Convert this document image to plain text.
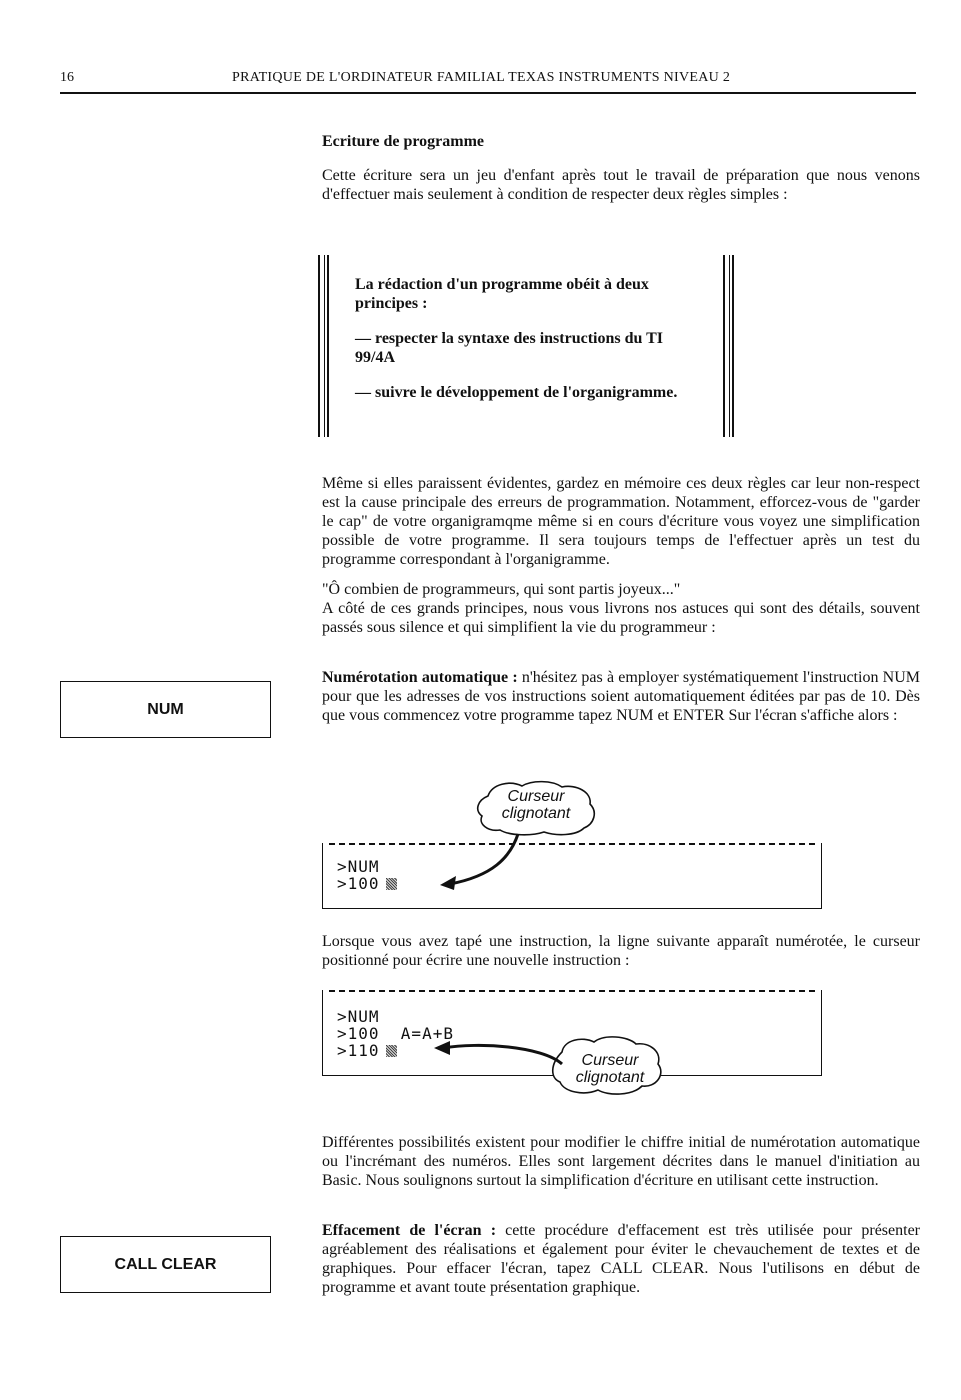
16	PRATIQUE DE L'ORDINATEUR FAMILIAL TEXAS INSTRUMENTS NIVEAU 2
Ecriture de programme

Cette écriture sera un jeu d'enfant après tout le travail de préparation que nous venons d'effectuer mais seulement à condition de respecter deux règles simples :

La rédaction d'un programme obéit à deux principes :

— respecter la syntaxe des instructions du TI 99/4A

— suivre le développement de l'organigramme.

Même si elles paraissent évidentes, gardez en mémoire ces deux règles car leur non-respect est la cause principale des erreurs de programmation. Notamment, efforcez-vous de "garder le cap" de votre organigramqme même si en cours d'écriture vous voyez une simplification possible de votre programme. Il sera toujours temps de l'effectuer après un test du programme correspondant à l'organigramme.

"Ô combien de programmeurs, qui sont partis joyeux..."

A côté de ces grands principes, nous vous livrons nos astuces qui sont des détails, souvent passés sous silence et qui simplifient la vie du programmeur :

NUM

Numérotation automatique : n'hésitez pas à employer systématiquement l'instruction NUM pour que les adresses de vos instructions soient automatiquement éditées par pas de 10. Dès que vous commencez votre programme tapez NUM et ENTER Sur l'écran s'affiche alors :

>NUM
>100
Curseur
clignotant

Lorsque vous avez tapé une instruction, la ligne suivante apparaît numérotée, le curseur positionné pour écrire une nouvelle instruction :

>NUM
>100  A=A+B
>110
Curseur
clignotant

Différentes possibilités existent pour modifier le chiffre initial de numérotation automatique ou l'incrémant des numéros. Elles sont largement décrites dans le manuel d'initiation au Basic. Nous soulignons surtout la simplification d'écriture en utilisant cette instruction.

CALL CLEAR

Effacement de l'écran : cette procédure d'effacement est très utilisée pour présenter agréablement des réalisations et également pour éviter le chevauchement de textes et de graphiques. Pour effacer l'écran, tapez CALL CLEAR. Nous l'utilisons en début de programme et avant toute présentation graphique.
